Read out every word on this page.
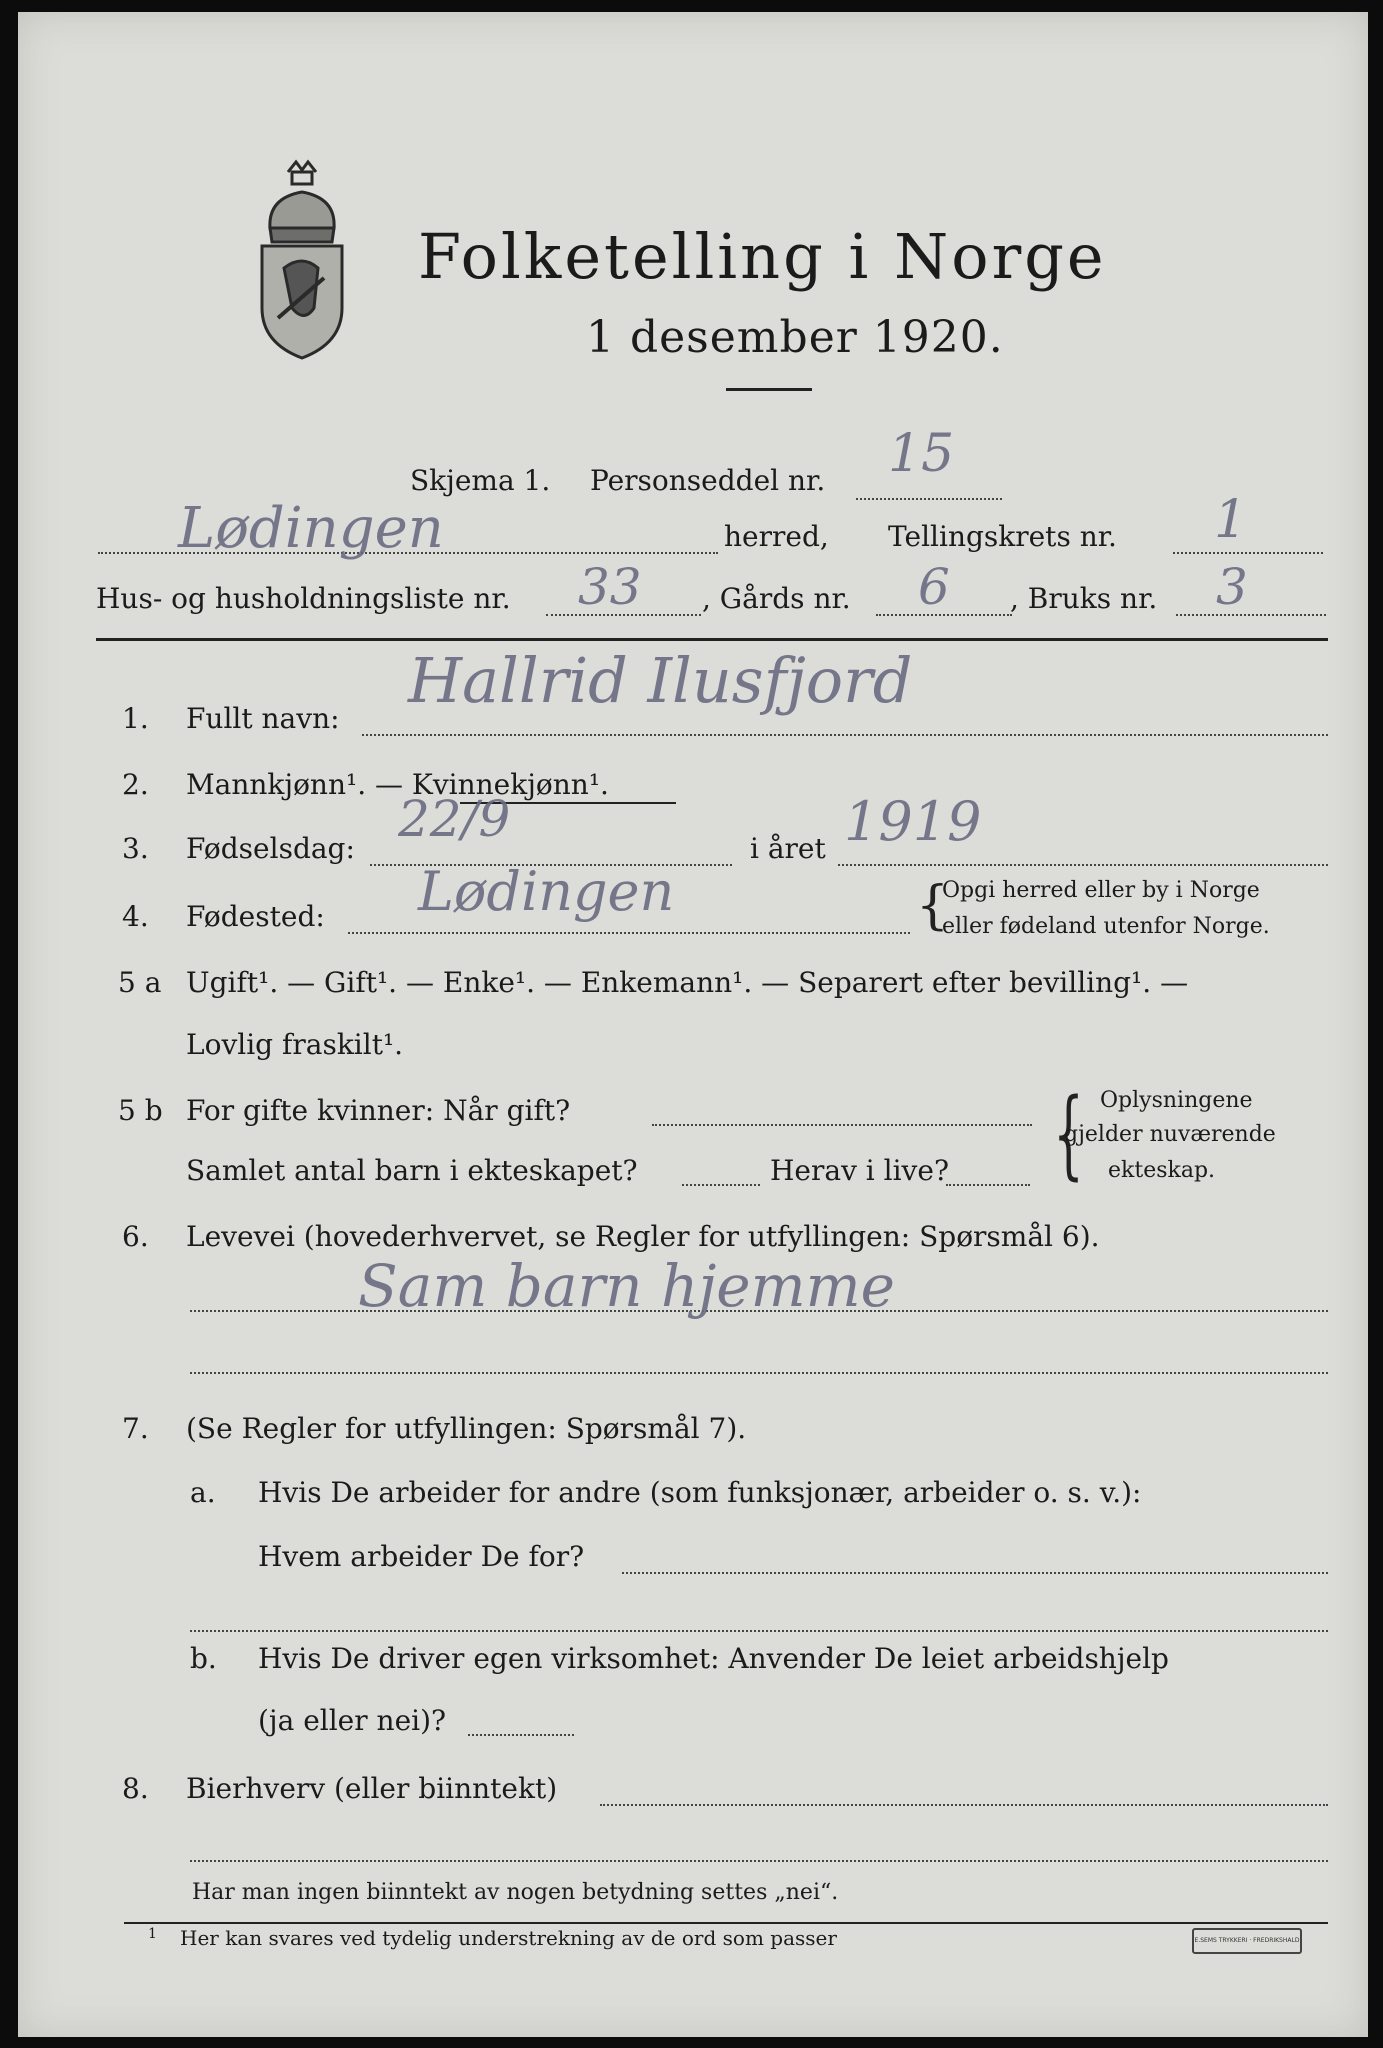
Folketelling i Norge
1 desember 1920.
Skjema 1. Personseddel nr. 15
Lødingen	herred, Tellingskrets nr. 1
Hus- og husholdningsliste nr. 33 , Gårds nr. 6 , Bruks nr. 3
1. Fullt navn:
Hallrid Ilusfjord
2. Mannkjønn¹. — Kvinnekjønn¹.
3. Fødselsdag:
22/9
i året 1919
4. Fødested: Lødingen	{
Opgi herred eller by i Norge
eller fødeland utenfor Norge.
5 a Ugift¹. — Gift¹. — Enke¹. — Enkemann¹. — Separert efter bevilling¹. —
Lovlig fraskilt¹.
5 b For gifte kvinner: Når gift?
Samlet antal barn i ekteskapet?	Herav i live? { Oplysningene
gjelder nuværende
ekteskap.
6. Levevei (hovederhvervet, se Regler for utfyllingen: Spørsmål 6).
Sam barn hjemme
7. (Se Regler for utfyllingen: Spørsmål 7).
a. Hvis De arbeider for andre (som funksjonær, arbeider o. s. v.):
Hvem arbeider De for?
b. Hvis De driver egen virksomhet: Anvender De leiet arbeidshjelp
(ja eller nei)?
8. Bierhverv (eller biinntekt)
Har man ingen biinntekt av nogen betydning settes „nei“.
1 Her kan svares ved tydelig understrekning av de ord som passer	E.SEMS TRYKKERI · FREDRIKSHALD
